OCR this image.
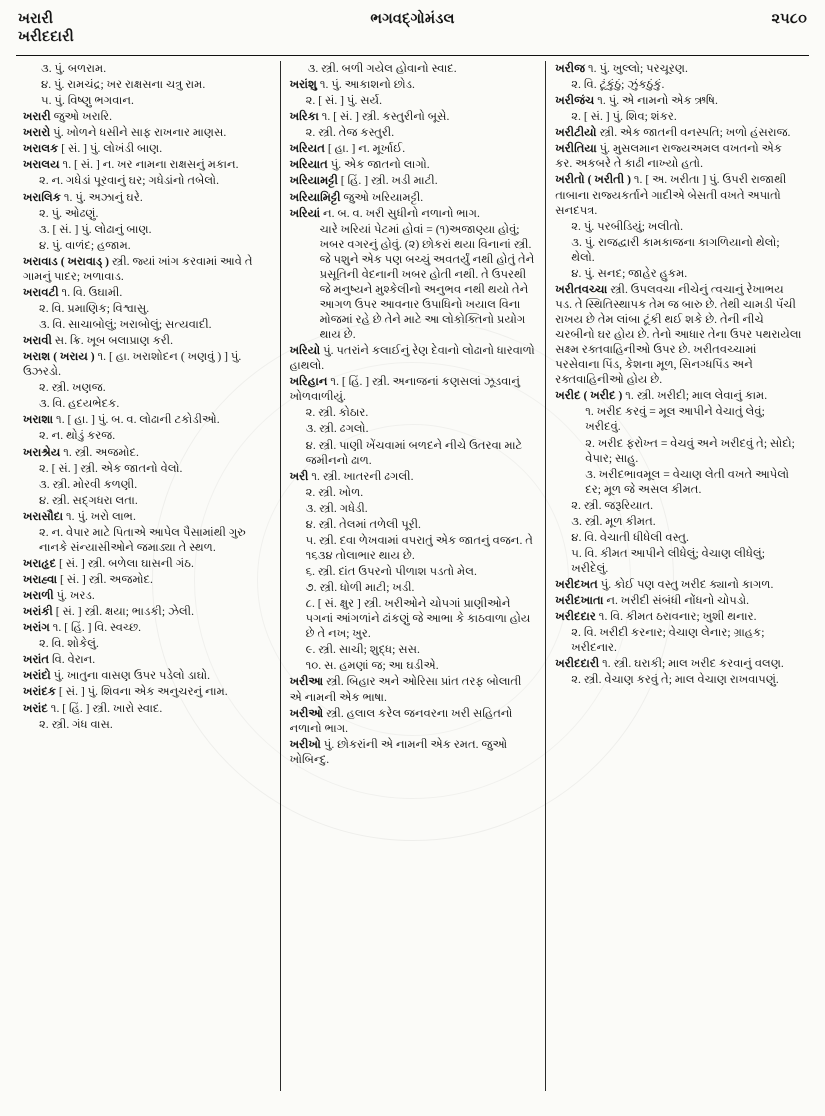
ખરારી
ખરીદદારી
ભગવદ્ગોમંડલ	૨૫૮૦

૩. પું. બળરામ.

૪. પું. રામચંદ્ર; ખર રાક્ષસના ચત્રુ રામ.

૫. પું. વિષ્ણુ ભગવાન.

ખરારી જુઓ ખરારિ.

ખરારો પું. ખોળને ધસીને સાફ રાખનાર માણસ.

ખરાલક [ સં. ] પું. લોખંડી બાણ.

ખરાલય ૧. [ સં. ] ન. ખર નામના રાક્ષસનું મકાન.

૨. ન. ગધેડાં પૂરવાનું ઘર; ગધેડાંનો તબેલો.

ખરાલિક ૧. પું. અઝાનું ઘરે.

૨. પું. ઓઢણું.

૩. [ સં. ] પું. લોઢાનું બાણ.

૪. પું. વાળંદ; હજામ.

ખરાવાડ ( ખરાવાડ્ ) સ્ત્રી. જ્યાં ખાંગ કરવામાં આવે તે ગામનું પાદર; ખળાવાડ.

ખરાવટી ૧. વિ. ઉઘામી.

૨. વિ. પ્રમાણિક; વિશ્વાસુ.

૩. વિ. સાચાબોલું; ખરાબોલું; સત્યવાદી.

ખરાવી સ. ક્રિ. ખૂબ બલાપ્રાણ કરી.

ખરાશ ( ખરાય ) ૧. [ હા. ખરાશોદન ( ખણવું ) ] પું. ઉઝરડો.

૨. સ્ત્રી. ખણજ.

૩. વિ. હદયભેદક.

ખરાશા ૧. [ હા. ] પું. બ. વ. લોઢાની ટકોડીઓ.

૨. ન. થોડું કરજ.

ખરાશ્રેય ૧. સ્ત્રી. અજમોદ.

૨. [ સં. ] સ્ત્રી. એક જાતનો વેલો.

૩. સ્ત્રી. મોરવી કળણી.

૪. સ્ત્રી. સદ્ગધરા લતા.

ખરાસૌદા ૧. પું. ખરો લાભ.

૨. ન. વેપાર માટે પિતાએ આપેલ પૈસામાંથી ગુરુ નાનકે સંન્યાસીઓને જમાડ્યા તે સ્થળ.

ખરાહૃદ [ સં. ] સ્ત્રી. બળેલા ઘાસની ગંઠ.

ખરાહ્વા [ સં. ] સ્ત્રી. અજમોદ.

ખરાળી પું. ખરડ.

ખરાંકી [ સં. ] સ્ત્રી. ક્ષયા; ભાડકી; ઝેલી.

ખરાંગ ૧. [ હિં. ] વિ. સ્વચ્છ.

૨. વિ. શોકેલું.

ખરાંત વિ. વેરાન.

ખરાંદો પું. ખાતુના વાસણ ઉપર પડેલો ડાઘો.

ખરાંદક [ સં. ] પું. શિવના એક અનુચરનું નામ.

ખરાંદ ૧. [ હિં. ] સ્ત્રી. ખારો સ્વાદ.

૨. સ્ત્રી. ગંધ વાસ.

૩. સ્ત્રી. બળી ગયેલ હોવાનો સ્વાદ.

ખરાંશુ ૧. પું. આકાશનો છોડ.

૨. [ સં. ] પું. સર્ય.

ખરિકા ૧. [ સં. ] સ્ત્રી. કસ્તુરીનો બૂસે.

૨. સ્ત્રી. તેજ કસ્તુરી.

ખરિયત [ હા. ] ન. મૂર્ખાઈ.

ખરિયાત પું. એક જાતનો લાગો.

ખરિયામટ્ટી [ હિં. ] સ્ત્રી. ખડી માટી.

ખરિયામિટ્ટી જુઓ ખરિયામટ્ટી.

ખરિયાં ન. બ. વ. ખરી સુધીનો નળાનો ભાગ.

ચારે ખરિયાં પેટમાં હોવાં = (૧)અજાણ્યા હોવું; ખબર વગરનું હોવું. (૨) છોકરાં થયા વિનાનાં સ્ત્રી. જે પશુને એક પણ બચ્ચું અવતર્યું નથી હોતું તેને પ્રસૂતિની વેદનાની ખબર હોતી નથી. તે ઉપરથી જે મનુષ્યને મુશ્કેલીનો અનુભવ નથી થયો તેને આગળ ઉપર આવનાર ઉપાધિનો ખયાલ વિના મોજમાં રહે છે તેને માટે આ લોકોક્તિનો પ્રયોગ થાય છે.

ખરિયો પું. પતરાંને કલાઈનું રેણ દેવાનો લોઢાનો ધારવાળો હાથલો.

ખરિહાન ૧. [ હિં. ] સ્ત્રી. અનાજનાં કણસલાં ઝૂડવાનું ખોળવાળીયું.

૨. સ્ત્રી. કોઠાર.

૩. સ્ત્રી. ઢગલો.

૪. સ્ત્રી. પાણી ખેંચવામાં બળદને નીચે ઉતરવા માટે જમીનનો ઢાળ.

ખરી ૧. સ્ત્રી. ખાતરની ઢગલી.

૨. સ્ત્રી. ખોળ.

૩. સ્ત્રી. ગધેડી.

૪. સ્ત્રી. તેલમાં તળેલી પૂરી.

૫. સ્ત્રી. દવા ળેખવામાં વપરાતું એક જાતનું વજન. તે ૧૬૩૪ તોલાભાર થાય છે.

૬. સ્ત્રી. દાંત ઉપરનો પીળાશ પડતો મેલ.

૭. સ્ત્રી. ધોળી માટી; ખડી.

૮. [ સં. ક્ષુર ] સ્ત્રી. ખરીઓને ચોપગાં પ્રાણીઓને પગનાં આંગળાંને ઢાંકણું જે આભા કે કાઠવાળા હોય છે તે નખ; ખુર.

૯. સ્ત્રી. સાચી; શુદ્ધ; સસ.

૧૦. સ. હમણાં જ; આ ઘડીએ.

ખરીઆ સ્ત્રી. બિહાર અને ઓરિસા પ્રાંત તરફ બોલાતી એ નામની એક ભાષા.

ખરીઓ સ્ત્રી. હલાલ કરેલ જનવરના ખરી સહિતનો નળાનો ભાગ.

ખરીખો પું. છોકરાંની એ નામની એક રમત. જુઓ ખોબિન્દુ.

ખરીજ ૧. પું. ખુલ્લો; પરચૂરણ.

૨. વિ. ટૂંકુંઠું; ઝુંકઠુંકું.

ખરીજંચ ૧. પું. એ નામનો એક ઋષિ.

૨. [ સં. ] પું. શિવ; શંકર.

ખરીટીયો સ્ત્રી. એક જાતની વનસ્પતિ; ખળો હંસરાજ.

ખરીતિયા પું. મુસલમાન રાજ્યઅમલ વખતનો એક કર. અકબરે તે કાઢી નાખ્યો હતો.

ખરીતો ( ખરીતી ) ૧. [ અ. ખરીતા ] પું. ઉપરી રાજાથી તાબાના રાજ્યકર્તાને ગાદીએ બેસતી વખતે અપાતો સનદપત્ર.

૨. પું. પરબીડિયું; ખલીતો.

૩. પું. રાજદ્વારી કામકાજના કાગળિયાનો થેલો; થેલો.

૪. પું. સનદ; જાહેર હુકમ.

ખરીતવચ્ચા સ્ત્રી. ઉપલવચા નીચેનું ત્વચાનું રેખાભય પડ. તે સ્થિતિસ્થાપક તેમ જ બારુ છે. તેથી ચામડી પૅંચી રાખય છે તેમ લાંબા ટૂંકી થઈ શકે છે. તેની નીચે ચરબીનો ઘર હોય છે. તેનો આધાર તેના ઉપર પથરાયેલા સક્ષ્મ રક્તવાહિનીઓ ઉપર છે. ખરીતવચ્ચામાં પરસેવાના પિંડ, કેશના મૂળ, સિનગ્ધપિંડ અને રક્તવાહિનીઓ હોય છે.

ખરીદ ( ખરીદ ) ૧. સ્ત્રી. ખરીદી; માલ લેવાનું કામ.

૧. ખરીદ કરવું = મૂલ આપીને વેચાતું લેવું; ખરીદવું.

૨. ખરીદ ફરોખ્ત = વેચવું અને ખરીદવું તે; સોદો; વેપાર; સાહુ.

૩. ખરીદભાવમૂલ = વેચાણ લેતી વખતે આપેલો દર; મૂળ જે અસલ કીમત.

૨. સ્ત્રી. જરૂરિયાત.

૩. સ્ત્રી. મૂળ કીમત.

૪. વિ. વેચાતી ધીધેલી વસ્તુ.

૫. વિ. કીમત આપીને લીધેલું; વેચાણ લીધેલું; ખરીદેલું.

ખરીદખત પું. કોઈ પણ વસ્તુ ખરીદ ક્યાનો કાગળ.

ખરીદખાતા ન. ખરીદી સંબંધી નોંધનો ચોપડો.

ખરીદદાર ૧. વિ. કીમત ઠરાવનાર; ખુશી થનાર.

૨. વિ. ખરીદી કરનાર; વેચાણ લેનાર; ગ્રાહક; ખરીદનાર.

ખરીદદારી ૧. સ્ત્રી. ઘરાકી; માલ ખરીદ કરવાનું વલણ.

૨. સ્ત્રી. વેચાણ કરવું તે; માલ વેચાણ રાખવાપણું.
